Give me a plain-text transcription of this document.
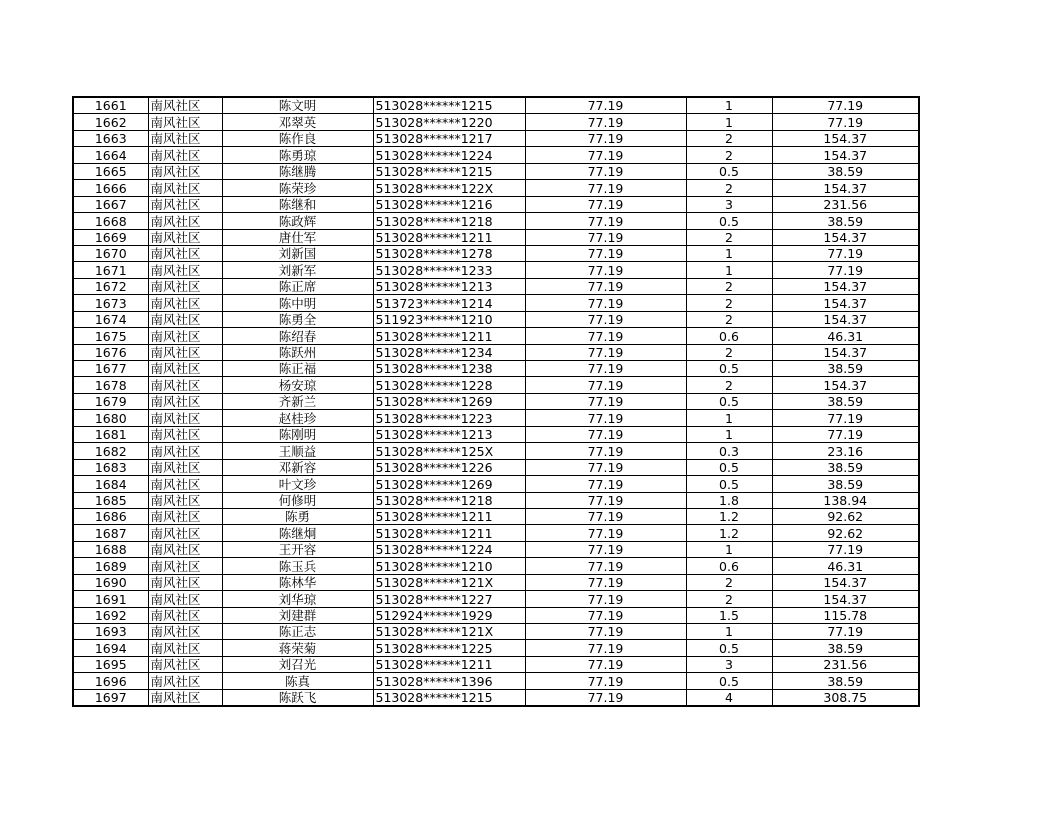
1661	南风社区	陈文明	513028******1215	77.19	1	77.19
1662	南风社区	邓翠英	513028******1220	77.19	1	77.19
1663	南风社区	陈作良	513028******1217	77.19	2	154.37
1664	南风社区	陈勇琼	513028******1224	77.19	2	154.37
1665	南风社区	陈继腾	513028******1215	77.19	0.5	38.59
1666	南风社区	陈荣珍	513028******122X	77.19	2	154.37
1667	南风社区	陈继和	513028******1216	77.19	3	231.56
1668	南风社区	陈政辉	513028******1218	77.19	0.5	38.59
1669	南风社区	唐仕军	513028******1211	77.19	2	154.37
1670	南风社区	刘新国	513028******1278	77.19	1	77.19
1671	南风社区	刘新军	513028******1233	77.19	1	77.19
1672	南风社区	陈正席	513028******1213	77.19	2	154.37
1673	南风社区	陈中明	513723******1214	77.19	2	154.37
1674	南风社区	陈勇全	511923******1210	77.19	2	154.37
1675	南风社区	陈绍春	513028******1211	77.19	0.6	46.31
1676	南风社区	陈跃州	513028******1234	77.19	2	154.37
1677	南风社区	陈正福	513028******1238	77.19	0.5	38.59
1678	南风社区	杨安琼	513028******1228	77.19	2	154.37
1679	南风社区	齐新兰	513028******1269	77.19	0.5	38.59
1680	南风社区	赵桂珍	513028******1223	77.19	1	77.19
1681	南风社区	陈刚明	513028******1213	77.19	1	77.19
1682	南风社区	王顺益	513028******125X	77.19	0.3	23.16
1683	南风社区	邓新容	513028******1226	77.19	0.5	38.59
1684	南风社区	叶文珍	513028******1269	77.19	0.5	38.59
1685	南风社区	何修明	513028******1218	77.19	1.8	138.94
1686	南风社区	陈勇	513028******1211	77.19	1.2	92.62
1687	南风社区	陈继炯	513028******1211	77.19	1.2	92.62
1688	南风社区	王开容	513028******1224	77.19	1	77.19
1689	南风社区	陈玉兵	513028******1210	77.19	0.6	46.31
1690	南风社区	陈林华	513028******121X	77.19	2	154.37
1691	南风社区	刘华琼	513028******1227	77.19	2	154.37
1692	南风社区	刘建群	512924******1929	77.19	1.5	115.78
1693	南风社区	陈正志	513028******121X	77.19	1	77.19
1694	南风社区	蒋荣菊	513028******1225	77.19	0.5	38.59
1695	南风社区	刘召光	513028******1211	77.19	3	231.56
1696	南风社区	陈真	513028******1396	77.19	0.5	38.59
1697	南风社区	陈跃飞	513028******1215	77.19	4	308.75
